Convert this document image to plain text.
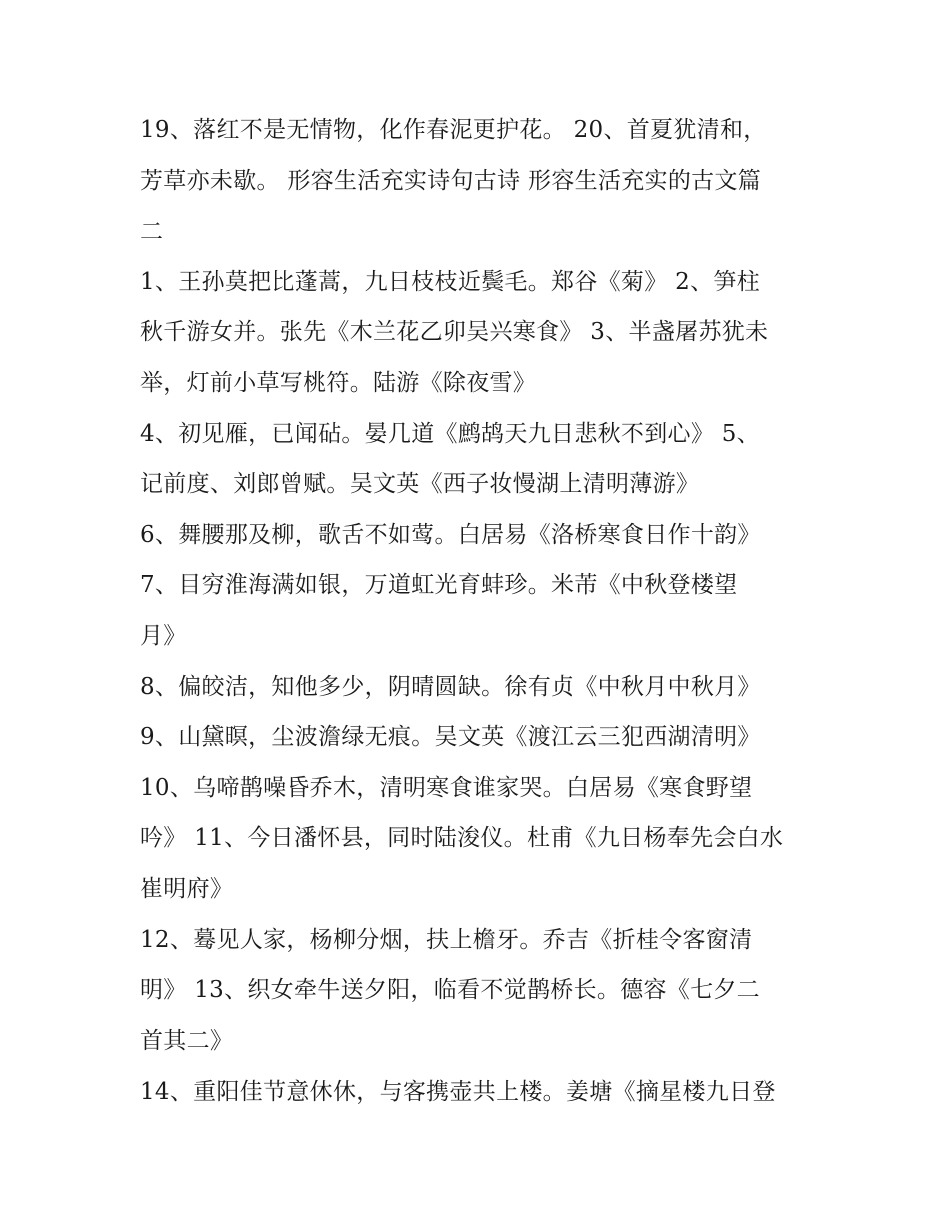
19、落红不是无情物，化作春泥更护花。 20、首夏犹清和，
芳草亦未歇。 形容生活充实诗句古诗 形容生活充实的古文篇
二
1、王孙莫把比蓬蒿，九日枝枝近鬓毛。郑谷《菊》 2、笋柱
秋千游女并。张先《木兰花乙卯吴兴寒食》 3、半盏屠苏犹未
举，灯前小草写桃符。陆游《除夜雪》
4、初见雁，已闻砧。晏几道《鹧鸪天九日悲秋不到心》 5、
记前度、刘郎曾赋。吴文英《西子妆慢湖上清明薄游》
6、舞腰那及柳，歌舌不如莺。白居易《洛桥寒食日作十韵》
7、目穷淮海满如银，万道虹光育蚌珍。米芾《中秋登楼望
月》
8、偏皎洁，知他多少，阴晴圆缺。徐有贞《中秋月中秋月》
9、山黛暝，尘波澹绿无痕。吴文英《渡江云三犯西湖清明》
10、乌啼鹊噪昏乔木，清明寒食谁家哭。白居易《寒食野望
吟》 11、今日潘怀县，同时陆浚仪。杜甫《九日杨奉先会白水
崔明府》
12、蓦见人家，杨柳分烟，扶上檐牙。乔吉《折桂令客窗清
明》 13、织女牵牛送夕阳，临看不觉鹊桥长。德容《七夕二
首其二》
14、重阳佳节意休休，与客携壶共上楼。姜塘《摘星楼九日登
